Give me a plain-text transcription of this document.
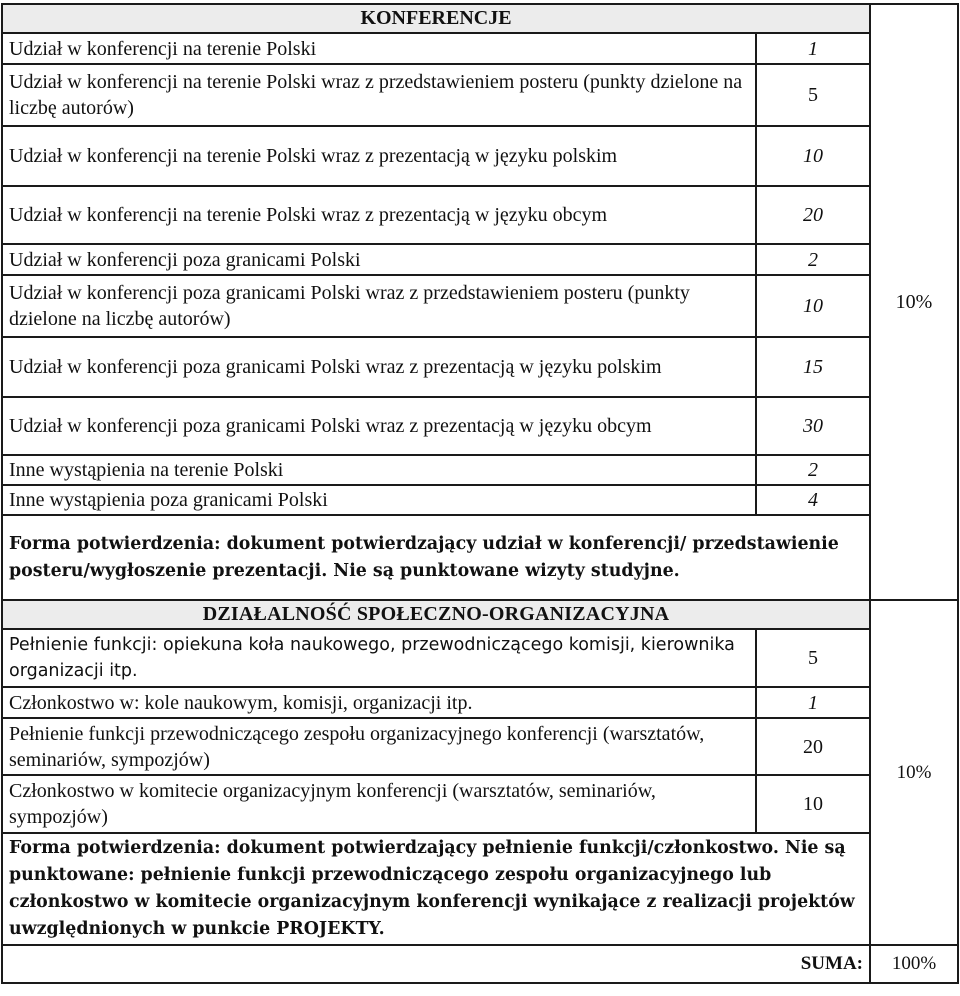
KONFERENCJE		10%
Udział w konferencji na terenie Polski	1	
Udział w konferencji na terenie Polski wraz z przedstawieniem posteru (punkty dzielone na liczbę autorów)	5	
Udział w konferencji na terenie Polski wraz z prezentacją w języku polskim	10	
Udział w konferencji na terenie Polski wraz z prezentacją w języku obcym	20	
Udział w konferencji poza granicami Polski	2	
Udział w konferencji poza granicami Polski wraz z przedstawieniem posteru (punkty dzielone na liczbę autorów)	10	
Udział w konferencji poza granicami Polski wraz z prezentacją w języku polskim	15	
Udział w konferencji poza granicami Polski wraz z prezentacją w języku obcym	30	
Inne wystąpienia na terenie Polski	2	
Inne wystąpienia poza granicami Polski	4	
Forma potwierdzenia: dokument potwierdzający udział w konferencji/ przedstawienie posteru/wygłoszenie prezentacji. Nie są punktowane wizyty studyjne.		
DZIAŁALNOŚĆ SPOŁECZNO-ORGANIZACYJNA		10%
Pełnienie funkcji: opiekuna koła naukowego, przewodniczącego komisji, kierownika organizacji itp.	5	
Członkostwo w: kole naukowym, komisji, organizacji itp.	1	
Pełnienie funkcji przewodniczącego zespołu organizacyjnego konferencji (warsztatów, seminariów, sympozjów)	20	
Członkostwo w komitecie organizacyjnym konferencji (warsztatów, seminariów, sympozjów)	10	
Forma potwierdzenia: dokument potwierdzający pełnienie funkcji/członkostwo. Nie są punktowane: pełnienie funkcji przewodniczącego zespołu organizacyjnego lub członkostwo w komitecie organizacyjnym konferencji wynikające z realizacji projektów uwzględnionych w punkcie PROJEKTY.		
SUMA:		100%
